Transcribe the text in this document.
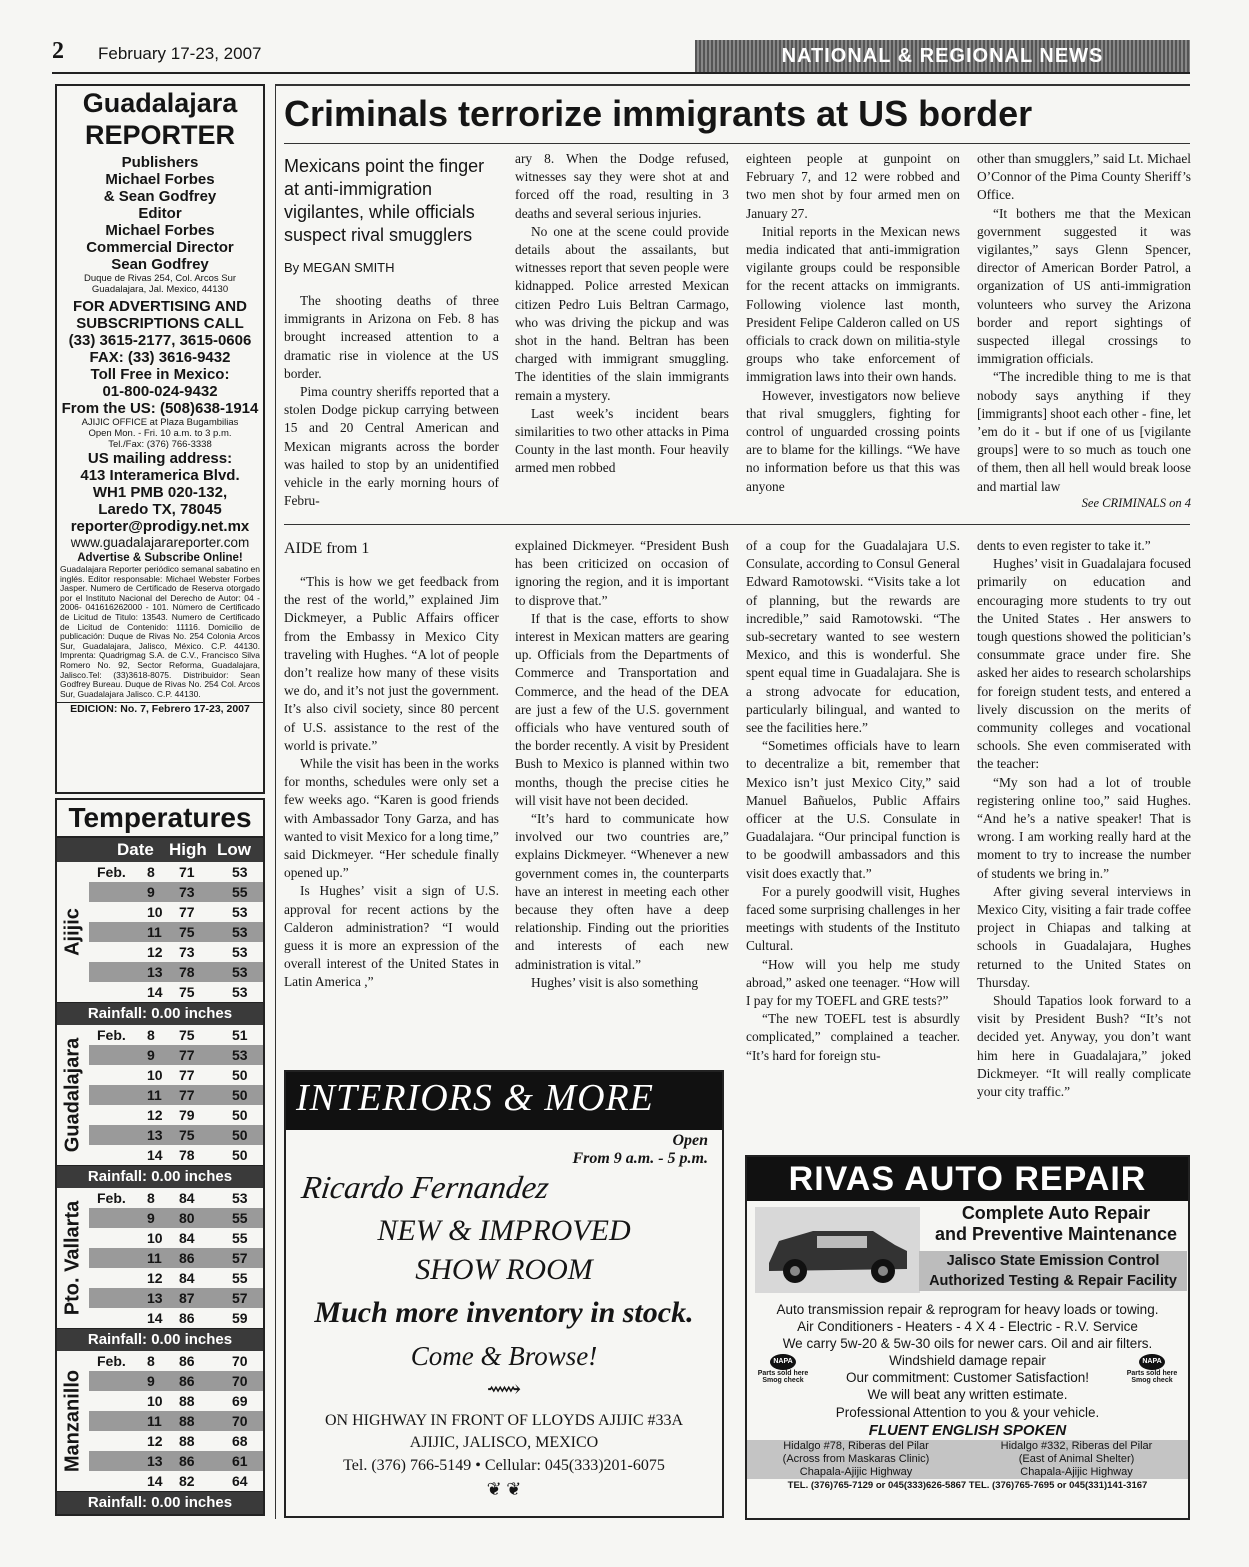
2 February 17-23, 2007	NATIONAL & REGIONAL NEWS
Guadalajara
REPORTER
Publishers
Michael Forbes
& Sean Godfrey
Editor
Michael Forbes
Commercial Director
Sean Godfrey
Duque de Rivas 254, Col. Arcos Sur
Guadalajara, Jal. Mexico, 44130
FOR ADVERTISING AND
SUBSCRIPTIONS CALL
(33) 3615-2177, 3615-0606
FAX: (33) 3616-9432
Toll Free in Mexico:
01-800-024-9432
From the US: (508)638-1914
AJIJIC OFFICE at Plaza Bugambilias
Open Mon. - Fri. 10 a.m. to 3 p.m.
Tel./Fax: (376) 766-3338
US mailing address:
413 Interamerica Blvd.
WH1 PMB 020-132,
Laredo TX, 78045
reporter@prodigy.net.mx
www.guadalajarareporter.com
Advertise & Subscribe Online!
Guadalajara Reporter periódico semanal sabatino en inglés. Editor responsable: Michael Webster Forbes Jasper. Numero de Certificado de Reserva otorgado por el Instituto Nacional del Derecho de Autor: 04 - 2006- 041616262000 - 101. Número de Certificado de Licitud de Titulo: 13543. Numero de Certificado de Licitud de Contenido: 11116. Domicilio de publicación: Duque de Rivas No. 254 Colonia Arcos Sur, Guadalajara, Jalisco, México. C.P. 44130. Imprenta: Quadrigmag S.A. de C.V., Francisco Silva Romero No. 92, Sector Reforma, Guadalajara, Jalisco.Tel: (33)3618-8075. Distribuidor: Sean Godfrey Bureau. Duque de Rivas No. 254 Col. Arcos Sur, Guadalajara Jalisco. C.P. 44130.
EDICION: No. 7, Febrero 17-23, 2007
Temperatures
Date High Low
Ajijic
Feb. 8 71	53
9 73	55
10 77	53
11 75	53
12 73	53
13 78	53
14 75	53
Rainfall: 0.00 inches
Guadalajara
Feb. 8 75	51
9 77	53
10 77	50
11 77	50
12 79	50
13 75	50
14 78	50
Rainfall: 0.00 inches
Pto. Vallarta
Feb. 8 84	53
9 80	55
10 84	55
11 86	57
12 84	55
13 87	57
14 86	59
Rainfall: 0.00 inches
Manzanillo
Feb. 8 86	70
9 86	70
10 88	69
11 88	70
12 88	68
13 86	61
14 82	64
Rainfall: 0.00 inches
Criminals terrorize immigrants at US border
Mexicans point the finger at anti-immigration vigilantes, while officials suspect rival smugglers
By MEGAN SMITH

The shooting deaths of three immigrants in Arizona on Feb. 8 has brought increased attention to a dramatic rise in violence at the US border.

Pima country sheriffs reported that a stolen Dodge pickup carrying between 15 and 20 Central American and Mexican migrants across the border was hailed to stop by an unidentified vehicle in the early morning hours of Febru-

ary 8. When the Dodge refused, witnesses say they were shot at and forced off the road, resulting in 3 deaths and several serious injuries.

No one at the scene could provide details about the assailants, but witnesses report that seven people were kidnapped. Police arrested Mexican citizen Pedro Luis Beltran Carmago, who was driving the pickup and was shot in the hand. Beltran has been charged with immigrant smuggling. The identities of the slain immigrants remain a mystery.

Last week’s incident bears similarities to two other attacks in Pima County in the last month. Four heavily armed men robbed

eighteen people at gunpoint on February 7, and 12 were robbed and two men shot by four armed men on January 27.

Initial reports in the Mexican news media indicated that anti-immigration vigilante groups could be responsible for the recent attacks on immigrants. Following violence last month, President Felipe Calderon called on US officials to crack down on militia-style groups who take enforcement of immigration laws into their own hands.

However, investigators now believe that rival smugglers, fighting for control of unguarded crossing points are to blame for the killings. “We have no information before us that this was anyone

other than smugglers,” said Lt. Michael O’Connor of the Pima County Sheriff’s Office.

“It bothers me that the Mexican government suggested it was vigilantes,” says Glenn Spencer, director of American Border Patrol, a organization of US anti-immigration volunteers who survey the Arizona border and report sightings of suspected illegal crossings to immigration officials.

“The incredible thing to me is that nobody says anything if they [immigrants] shoot each other - fine, let ’em do it - but if one of us [vigilante groups] were to so much as touch one of them, then all hell would break loose and martial law

See CRIMINALS on 4
AIDE from 1

“This is how we get feedback from the rest of the world,” explained Jim Dickmeyer, a Public Affairs officer from the Embassy in Mexico City traveling with Hughes. “A lot of people don’t realize how many of these visits we do, and it’s not just the government. It’s also civil society, since 80 percent of U.S. assistance to the rest of the world is private.”

While the visit has been in the works for months, schedules were only set a few weeks ago. “Karen is good friends with Ambassador Tony Garza, and has wanted to visit Mexico for a long time,” said Dickmeyer. “Her schedule finally opened up.”

Is Hughes’ visit a sign of U.S. approval for recent actions by the Calderon administration? “I would guess it is more an expression of the overall interest of the United States in Latin America ,”

explained Dickmeyer. “President Bush has been criticized on occasion of ignoring the region, and it is important to disprove that.”

If that is the case, efforts to show interest in Mexican matters are gearing up. Officials from the Departments of Commerce and Transportation and Commerce, and the head of the DEA are just a few of the U.S. government officials who have ventured south of the border recently. A visit by President Bush to Mexico is planned within two months, though the precise cities he will visit have not been decided.

“It’s hard to communicate how involved our two countries are,” explains Dickmeyer. “Whenever a new government comes in, the counterparts have an interest in meeting each other because they often have a deep relationship. Finding out the priorities and interests of each new administration is vital.”

Hughes’ visit is also something

of a coup for the Guadalajara U.S. Consulate, according to Consul General Edward Ramotowski. “Visits take a lot of planning, but the rewards are incredible,” said Ramotowski. “The sub-secretary wanted to see western Mexico, and this is wonderful. She spent equal time in Guadalajara. She is a strong advocate for education, particularly bilingual, and wanted to see the facilities here.”

“Sometimes officials have to learn to decentralize a bit, remember that Mexico isn’t just Mexico City,” said Manuel Bañuelos, Public Affairs officer at the U.S. Consulate in Guadalajara. “Our principal function is to be goodwill ambassadors and this visit does exactly that.”

For a purely goodwill visit, Hughes faced some surprising challenges in her meetings with students of the Instituto Cultural.

“How will you help me study abroad,” asked one teenager. “How will I pay for my TOEFL and GRE tests?”

“The new TOEFL test is absurdly complicated,” complained a teacher. “It’s hard for foreign stu-

dents to even register to take it.”

Hughes’ visit in Guadalajara focused primarily on education and encouraging more students to try out the United States . Her answers to tough questions showed the politician’s consummate grace under fire. She asked her aides to research scholarships for foreign student tests, and entered a lively discussion on the merits of community colleges and vocational schools. She even commiserated with the teacher:

“My son had a lot of trouble registering online too,” said Hughes. “And he’s a native speaker! That is wrong. I am working really hard at the moment to try to increase the number of students we bring in.”

After giving several interviews in Mexico City, visiting a fair trade coffee project in Chiapas and talking at schools in Guadalajara, Hughes returned to the United States on Thursday.

Should Tapatios look forward to a visit by President Bush? “It’s not decided yet. Anyway, you don’t want him here in Guadalajara,” joked Dickmeyer. “It will really complicate your city traffic.”

INTERIORS & MORE
Open
From 9 a.m. - 5 p.m.
Ricardo Fernandez
NEW & IMPROVED
SHOW ROOM
Much more inventory in stock.
Come & Browse!
⟿
ON HIGHWAY IN FRONT OF LLOYDS AJIJIC #33A
AJIJIC, JALISCO, MEXICO
Tel. (376) 766-5149 • Cellular: 045(333)201-6075
❦ ❦
RIVAS AUTO REPAIR
Complete Auto Repair
and Preventive Maintenance
Jalisco State Emission Control
Authorized Testing & Repair Facility
Auto transmission repair & reprogram for heavy loads or towing.
Air Conditioners - Heaters - 4 X 4 - Electric - R.V. Service
We carry 5w-20 & 5w-30 oils for newer cars. Oil and air filters.
NAPA
Parts sold here
Smog check
NAPA
Parts sold here
Smog check
Windshield damage repair
Our commitment: Customer Satisfaction!
We will beat any written estimate.
Professional Attention to you & your vehicle.
FLUENT ENGLISH SPOKEN
Hidalgo #78, Riberas del Pilar
(Across from Maskaras Clinic)
Chapala-Ajijic Highway
Hidalgo #332, Riberas del Pilar
(East of Animal Shelter)
Chapala-Ajijic Highway
TEL. (376)765-7129 or 045(333)626-5867 TEL. (376)765-7695 or 045(331)141-3167
